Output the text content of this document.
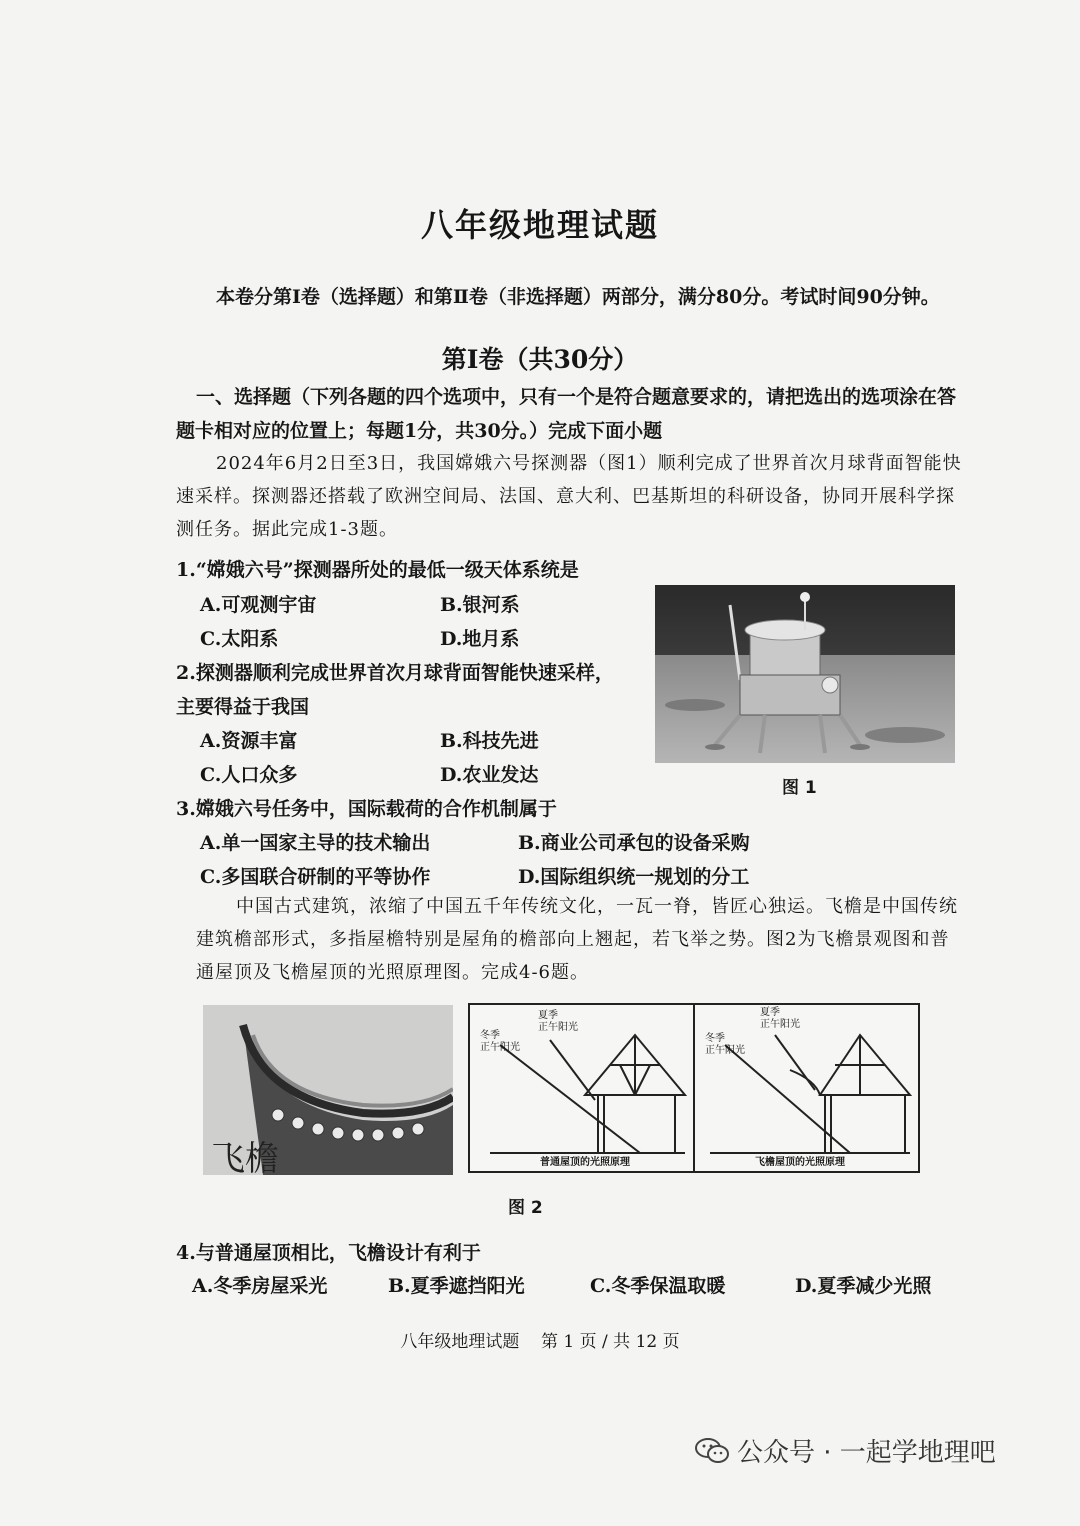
八年级地理试题
本卷分第Ⅰ卷（选择题）和第Ⅱ卷（非选择题）两部分，满分80分。考试时间90分钟。
第Ⅰ卷（共30分）
一、选择题（下列各题的四个选项中，只有一个是符合题意要求的，请把选出的选项涂在答题卡相对应的位置上；每题1分，共30分。）完成下面小题
2024年6月2日至3日，我国嫦娥六号探测器（图1）顺利完成了世界首次月球背面智能快速采样。探测器还搭载了欧洲空间局、法国、意大利、巴基斯坦的科研设备，协同开展科学探测任务。据此完成1-3题。
1.“嫦娥六号”探测器所处的最低一级天体系统是
A.可观测宇宙	B.银河系
C.太阳系	D.地月系
2.探测器顺利完成世界首次月球背面智能快速采样，
主要得益于我国
A.资源丰富	B.科技先进
C.人口众多	D.农业发达
图 1
3.嫦娥六号任务中，国际载荷的合作机制属于
A.单一国家主导的技术输出	B.商业公司承包的设备采购
C.多国联合研制的平等协作	D.国际组织统一规划的分工
中国古式建筑，浓缩了中国五千年传统文化，一瓦一脊，皆匠心独运。飞檐是中国传统建筑檐部形式，多指屋檐特别是屋角的檐部向上翘起，若飞举之势。图2为飞檐景观图和普通屋顶及飞檐屋顶的光照原理图。完成4-6题。
飞檐
夏季
正午阳光
冬季
正午阳光
普通屋顶的光照原理
夏季
正午阳光
冬季
正午阳光
飞檐屋顶的光照原理
图 2
4.与普通屋顶相比，飞檐设计有利于
A.冬季房屋采光	B.夏季遮挡阳光	C.冬季保温取暖	D.夏季减少光照
八年级地理试题    第 1 页 / 共 12 页
公众号 · 一起学地理吧
